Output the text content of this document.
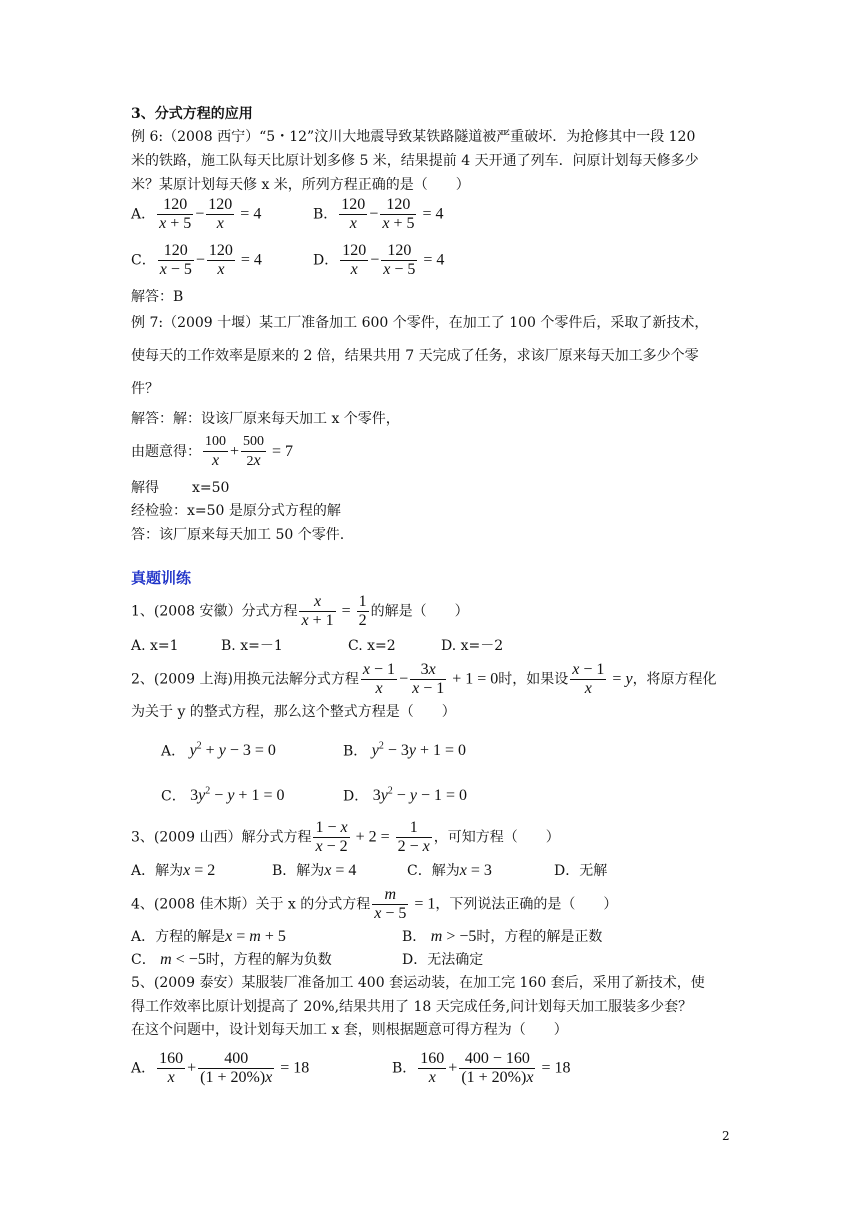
3、分式方程的应用
例 6:（2008 西宁）“5・12”汶川大地震导致某铁路隧道被严重破坏．为抢修其中一段 120
米的铁路，施工队每天比原计划多修 5 米，结果提前 4 天开通了列车．问原计划每天修多少
米？某原计划每天修 x 米，所列方程正确的是（　　）
A． $\frac{120}{x + 5} - \frac{120}{x} = 4$	B． $\frac{120}{x} - \frac{120}{x + 5} = 4$
C． $\frac{120}{x - 5} - \frac{120}{x} = 4$	D． $\frac{120}{x} - \frac{120}{x - 5} = 4$
解答：B
例 7:（2009 十堰）某工厂准备加工 600 个零件，在加工了 100 个零件后，采取了新技术，
使每天的工作效率是原来的 2 倍，结果共用 7 天完成了任务，求该厂原来每天加工多少个零
件？
解答：解：设该厂原来每天加工 x 个零件，
由题意得： $\frac{100}{x} + \frac{500}{2x} = 7$
解得 x=50
经检验：x=50 是原分式方程的解
答：该厂原来每天加工 50 个零件.
真题训练
1、(2008 安徽）分式方程 $\frac{x}{x + 1} = \frac{1}{2}$ 的解是（　　）
A. x=1	B. x=－1	C. x=2	D. x=－2
2、(2009 上海)用换元法解分式方程 $\frac{x - 1}{x} - \frac{3x}{x - 1} + 1 = 0$时，如果设 $\frac{x - 1}{x} = y$，将原方程化
为关于 y 的整式方程，那么这个整式方程是（　　）
A． $y^2 + y - 3 = 0$	B． $y^2 - 3y + 1 = 0$
C． $3y^2 - y + 1 = 0$	D． $3y^2 - y - 1 = 0$
3、(2009 山西）解分式方程 $\frac{1 - x}{x - 2} + 2 = \frac{1}{2 - x}$ ，可知方程（　　）
A．解为x = 2	B．解为x = 4	C．解为x = 3	D．无解
4、(2008 佳木斯）关于 x 的分式方程 $\frac{m}{x - 5} = 1$，下列说法正确的是（　　）
A．方程的解是x = m + 5	B． m > −5时，方程的解是正数
C． m < −5时，方程的解为负数	D．无法确定
5、(2009 泰安）某服装厂准备加工 400 套运动装，在加工完 160 套后，采用了新技术，使
得工作效率比原计划提高了 20%,结果共用了 18 天完成任务,问计划每天加工服装多少套？
在这个问题中，设计划每天加工 x 套，则根据题意可得方程为（　　）
A． $\frac{160}{x} + \frac{400}{(1 + 20\%)x} = 18$	B． $\frac{160}{x} + \frac{400 - 160}{(1 + 20\%)x} = 18$
2
